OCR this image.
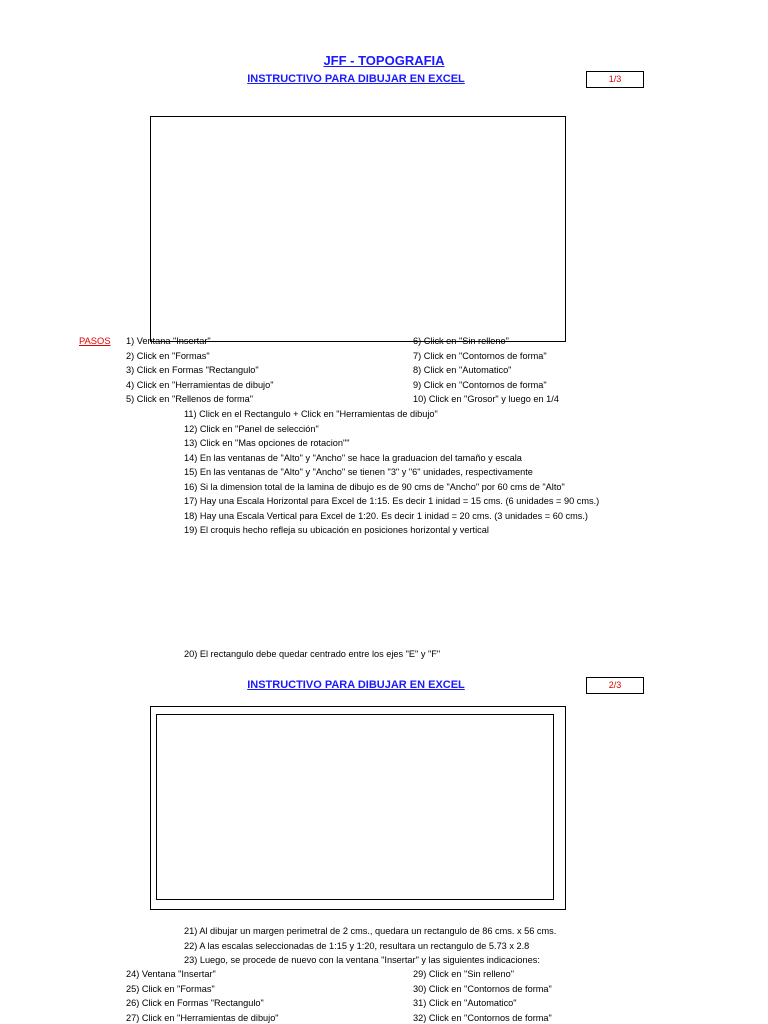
JFF - TOPOGRAFIA
INSTRUCTIVO PARA DIBUJAR EN EXCEL	1/3
PASOS 1) Ventana "Insertar"
2) Click en "Formas"
3) Click en Formas "Rectangulo"
4) Click en "Herramientas de dibujo"
5) Click en "Rellenos de forma"
6) Click en "Sin relleno"
7) Click en "Contornos de forma"
8) Click en "Automatico"
9) Click en "Contornos de forma"
10) Click en "Grosor" y luego en 1/4
11) Click en el Rectangulo + Click en "Herramientas de dibujo"
12) Click en "Panel de selección"
13) Click en "Mas opciones de rotacion""
14) En las ventanas de "Alto" y "Ancho" se hace la graduacion del tamaño y escala
15) En las ventanas de "Alto" y "Ancho" se tienen "3" y "6" unidades, respectivamente
16) Si la dimension total de la lamina de dibujo es de 90 cms de "Ancho" por 60 cms de "Alto"
17) Hay una Escala Horizontal para Excel de 1:15. Es decir 1 inidad = 15 cms. (6 unidades = 90 cms.)
18) Hay una Escala Vertical para Excel de 1:20. Es decir 1 inidad = 20 cms. (3 unidades = 60 cms.)
19) El croquis hecho refleja su ubicación en posiciones horizontal y vertical
20) El rectangulo debe quedar centrado entre los ejes "E" y "F"
INSTRUCTIVO PARA DIBUJAR EN EXCEL	2/3
21) Al dibujar un margen perimetral de 2 cms., quedara un rectangulo de 86 cms. x 56 cms.
22) A las escalas seleccionadas de 1:15 y 1:20, resultara un rectangulo de 5.73 x 2.8
23) Luego, se procede de nuevo con la ventana "Insertar" y las siguientes indicaciones:
24) Ventana "Insertar"
25) Click en "Formas"
26) Click en Formas "Rectangulo"
27) Click en "Herramientas de dibujo"
29) Click en "Sin relleno"
30) Click en "Contornos de forma"
31) Click en "Automatico"
32) Click en "Contornos de forma"
